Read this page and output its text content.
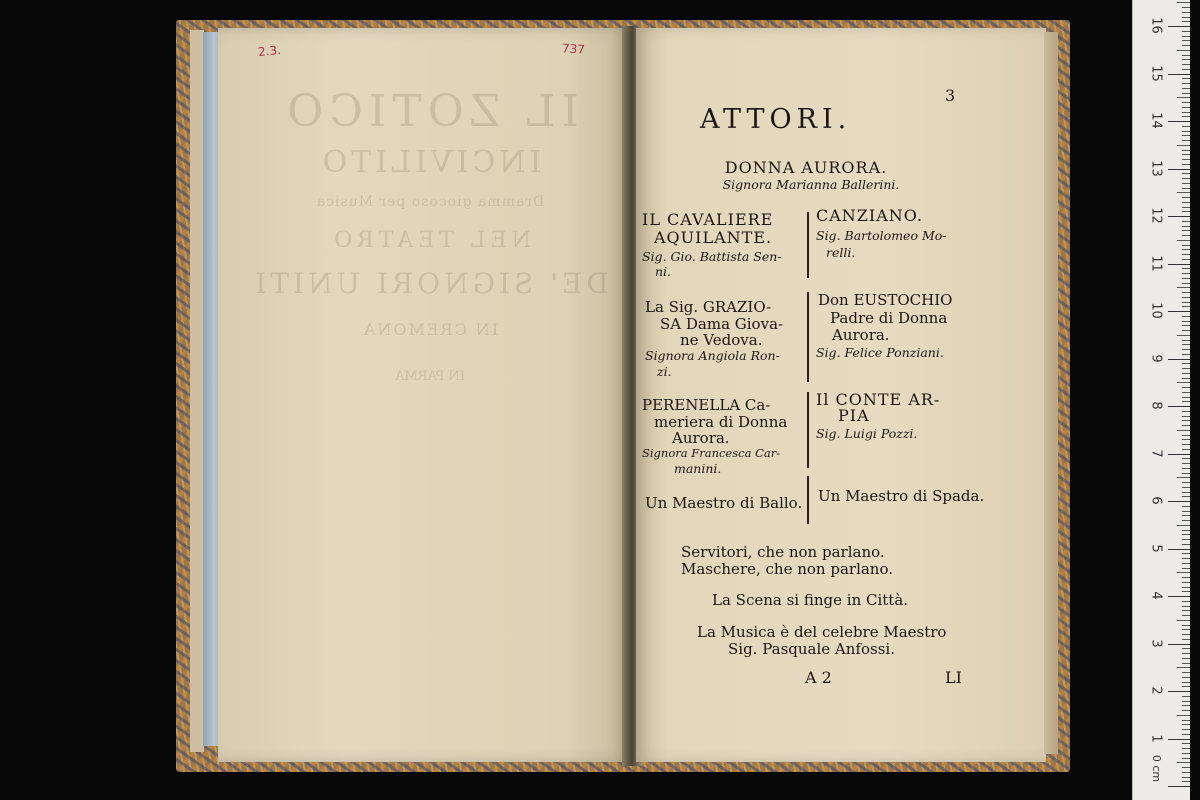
IL ZOTICO
INCIVILITO
Dramma giocoso per Musica
NEL TEATRO
DE' SIGNORI UNITI
IN CREMONA
IN PARMA
2.3.	737
3
ATTORI.
DONNA AURORA.
Signora Marianna Ballerini.
IL CAVALIERE
AQUILANTE.
Sig. Gio. Battista Sen-
ni.
La Sig. GRAZIO-
SA Dama Giova-
ne Vedova.
Signora Angiola Ron-
zi.
PERENELLA Ca-
meriera di Donna
Aurora.
Signora Francesca Car-
manini.
Un Maestro di Ballo.
CANZIANO.
Sig. Bartolomeo Mo-
relli.
Don EUSTOCHIO
Padre di Donna
Aurora.
Sig. Felice Ponziani.
Il CONTE AR-
PIA
Sig. Luigi Pozzi.
Un Maestro di Spada.
Servitori, che non parlano.
Maschere, che non parlano.
La Scena si finge in Città.
La Musica è del celebre Maestro
Sig. Pasquale Anfossi.
A 2	LI
0 cm
1
2
3
4
5
6
7
8
9
10
11
12
13
14
15
16
